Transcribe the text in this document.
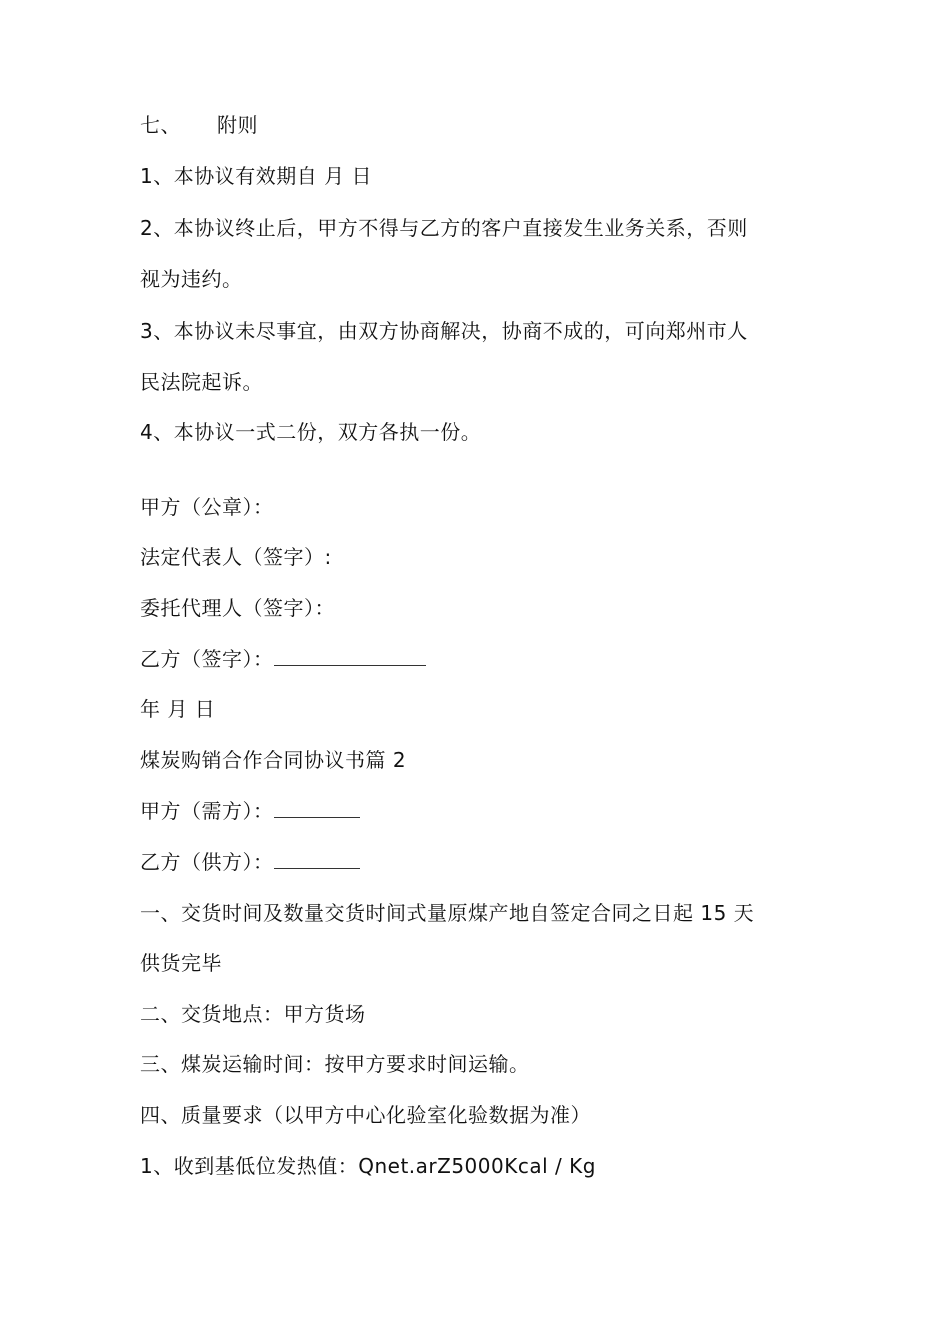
七、 附则
1、本协议有效期自 月 日
2、本协议终止后，甲方不得与乙方的客户直接发生业务关系，否则
视为违约。
3、本协议未尽事宜，由双方协商解决，协商不成的，可向郑州市人
民法院起诉。
4、本协议一式二份，双方各执一份。
甲方（公章）：
法定代表人（签字）:
委托代理人（签字）：
乙方（签字）：
年 月 日
煤炭购销合作合同协议书篇 2
甲方（需方）：
乙方（供方）：
一、交货时间及数量交货时间式量原煤产地自签定合同之日起 15 天
供货完毕
二、交货地点：甲方货场
三、煤炭运输时间：按甲方要求时间运输。
四、质量要求（以甲方中心化验室化验数据为准）
1、收到基低位发热值：Qnet.arZ5000Kcal / Kg
